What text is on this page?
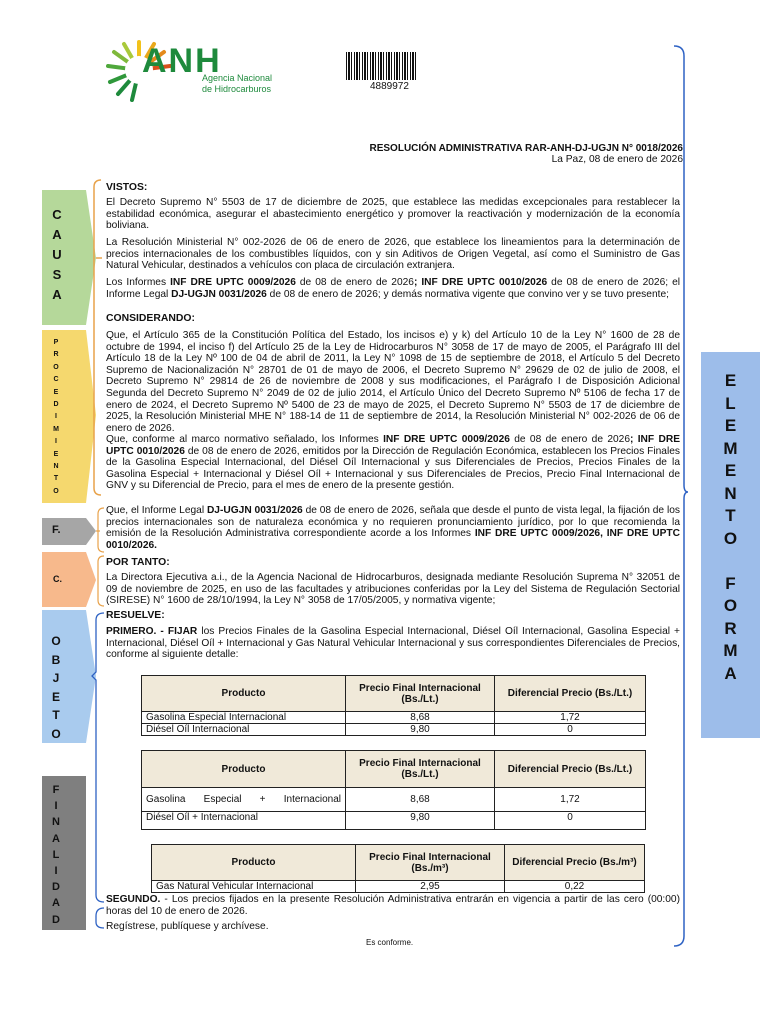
ANH
Agencia Nacional
de Hidrocarburos	4889972
RESOLUCIÓN ADMINISTRATIVA RAR-ANH-DJ-UGJN N° 0018/2026
La Paz, 08 de enero de 2026
E
L
E
M
E
N
T
O

F
O
R
M
A
C
A
U
S
A
P
R
O
C
E
D
I
M
I
E
N
T
O
F.
C.
O
B
J
E
T
O
F
I
N
A
L
I
D
A
D
VISTOS:
El Decreto Supremo N° 5503 de 17 de diciembre de 2025, que establece las medidas excepcionales para restablecer la estabilidad económica, asegurar el abastecimiento energético y promover la reactivación y modernización de la economía boliviana.
La Resolución Ministerial N° 002-2026 de 06 de enero de 2026, que establece los lineamientos para la determinación de precios internacionales de los combustibles líquidos, con y sin Aditivos de Origen Vegetal, así como el Suministro de Gas Natural Vehicular, destinados a vehículos con placa de circulación extranjera.
Los Informes INF DRE UPTC 0009/2026 de 08 de enero de 2026; INF DRE UPTC 0010/2026 de 08 de enero de 2026; el Informe Legal DJ-UGJN 0031/2026 de 08 de enero de 2026; y demás normativa vigente que convino ver y se tuvo presente;
CONSIDERANDO:
Que, el Artículo 365 de la Constitución Política del Estado, los incisos e) y k) del Artículo 10 de la Ley N° 1600 de 28 de octubre de 1994, el inciso f) del Artículo 25 de la Ley de Hidrocarburos N° 3058 de 17 de mayo de 2005, el Parágrafo III del Artículo 18 de la Ley Nº 100 de 04 de abril de 2011, la Ley N° 1098 de 15 de septiembre de 2018, el Artículo 5 del Decreto Supremo de Nacionalización N° 28701 de 01 de mayo de 2006, el Decreto Supremo N° 29629 de 02 de julio de 2008, el Decreto Supremo N° 29814 de 26 de noviembre de 2008 y sus modificaciones, el Parágrafo I de Disposición Adicional Segunda del Decreto Supremo N° 2049 de 02 de julio 2014, el Artículo Único del Decreto Supremo Nº 5106 de fecha 17 de enero de 2024, el Decreto Supremo Nº 5400 de 23 de mayo de 2025, el Decreto Supremo N° 5503 de 17 de diciembre de 2025, la Resolución Ministerial MHE N° 188-14 de 11 de septiembre de 2014, la Resolución Ministerial N° 002-2026 de 06 de enero de 2026.
Que, conforme al marco normativo señalado, los Informes INF DRE UPTC 0009/2026 de 08 de enero de 2026; INF DRE UPTC 0010/2026 de 08 de enero de 2026, emitidos por la Dirección de Regulación Económica, establecen los Precios Finales de la Gasolina Especial Internacional, del Diésel Oíl Internacional y sus Diferenciales de Precios, Precios Finales de la Gasolina Especial + Internacional y Diésel Oíl + Internacional y sus Diferenciales de Precios, Precio Final Internacional de GNV y su Diferencial de Precio, para el mes de enero de la presente gestión.
Que, el Informe Legal DJ-UGJN 0031/2026 de 08 de enero de 2026, señala que desde el punto de vista legal, la fijación de los precios internacionales son de naturaleza económica y no requieren pronunciamiento jurídico, por lo que recomienda la emisión de la Resolución Administrativa correspondiente acorde a los Informes INF DRE UPTC 0009/2026, INF DRE UPTC 0010/2026.
POR TANTO:
La Directora Ejecutiva a.i., de la Agencia Nacional de Hidrocarburos, designada mediante Resolución Suprema N° 32051 de 09 de noviembre de 2025, en uso de las facultades y atribuciones conferidas por la Ley del Sistema de Regulación Sectorial (SIRESE) N° 1600 de 28/10/1994, la Ley N° 3058 de 17/05/2005, y normativa vigente;
RESUELVE:
PRIMERO. - FIJAR los Precios Finales de la Gasolina Especial Internacional, Diésel Oíl Internacional, Gasolina Especial + Internacional, Diésel Oíl + Internacional y Gas Natural Vehicular Internacional y sus correspondientes Diferenciales de Precios, conforme al siguiente detalle:
Producto	Precio Final Internacional (Bs./Lt.)	Diferencial Precio (Bs./Lt.)
Gasolina Especial Internacional	8,68	1,72
Diésel Oíl Internacional	9,80	0
Producto	Precio Final Internacional (Bs./Lt.)	Diferencial Precio (Bs./Lt.)
Gasolina Especial + Internacional	8,68	1,72
Diésel Oíl + Internacional	9,80	0
Producto	Precio Final Internacional (Bs./m³)	Diferencial Precio (Bs./m³)
Gas Natural Vehicular Internacional	2,95	0,22
SEGUNDO. - Los precios fijados en la presente Resolución Administrativa entrarán en vigencia a partir de las cero (00:00) horas del 10 de enero de 2026.
Regístrese, publíquese y archívese.
Es conforme.
